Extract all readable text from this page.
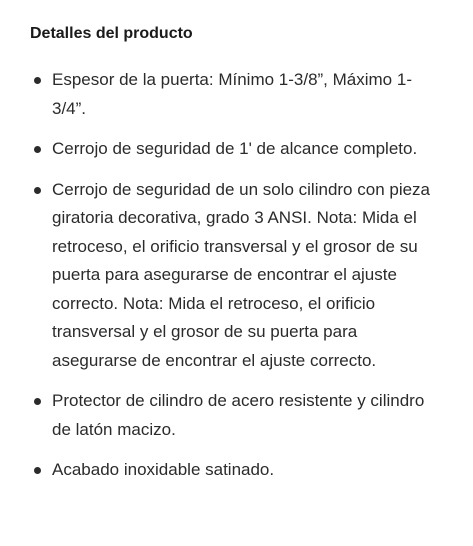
Detalles del producto
Espesor de la puerta: Mínimo 1-3/8”, Máximo 1-3/4”.
Cerrojo de seguridad de 1' de alcance completo.
Cerrojo de seguridad de un solo cilindro con pieza giratoria decorativa, grado 3 ANSI. Nota: Mida el retroceso, el orificio transversal y el grosor de su puerta para asegurarse de encontrar el ajuste correcto. Nota: Mida el retroceso, el orificio transversal y el grosor de su puerta para asegurarse de encontrar el ajuste correcto.
Protector de cilindro de acero resistente y cilindro de latón macizo.
Acabado inoxidable satinado.
